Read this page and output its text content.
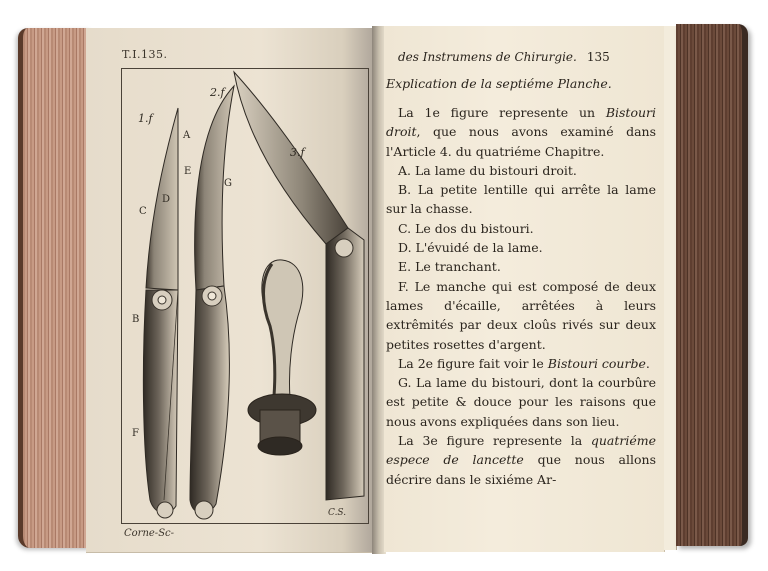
T.I.135.
Corne-Sc-
C.S.
1.f
2.f
3.f
A
E
D
C
G
B
F
des Instrumens de Chirurgie. 135
Explication de la septiéme Planche.

La 1e figure represente un Bistouri droit, que nous avons examiné dans l'Article 4. du quatriéme Chapitre.

A. La lame du bistouri droit.

B. La petite lentille qui arrête la lame sur la chasse.

C. Le dos du bistouri.

D. L'évuidé de la lame.

E. Le tranchant.

F. Le manche qui est composé de deux lames d'écaille, arrêtées à leurs extrêmités par deux cloûs rivés sur deux petites rosettes d'argent.

La 2e figure fait voir le Bistouri courbe.

G. La lame du bistouri, dont la courbûre est petite & douce pour les raisons que nous avons expliquées dans son lieu.

La 3e figure represente la quatriéme espece de lancette que nous allons décrire dans le sixiéme Ar-
